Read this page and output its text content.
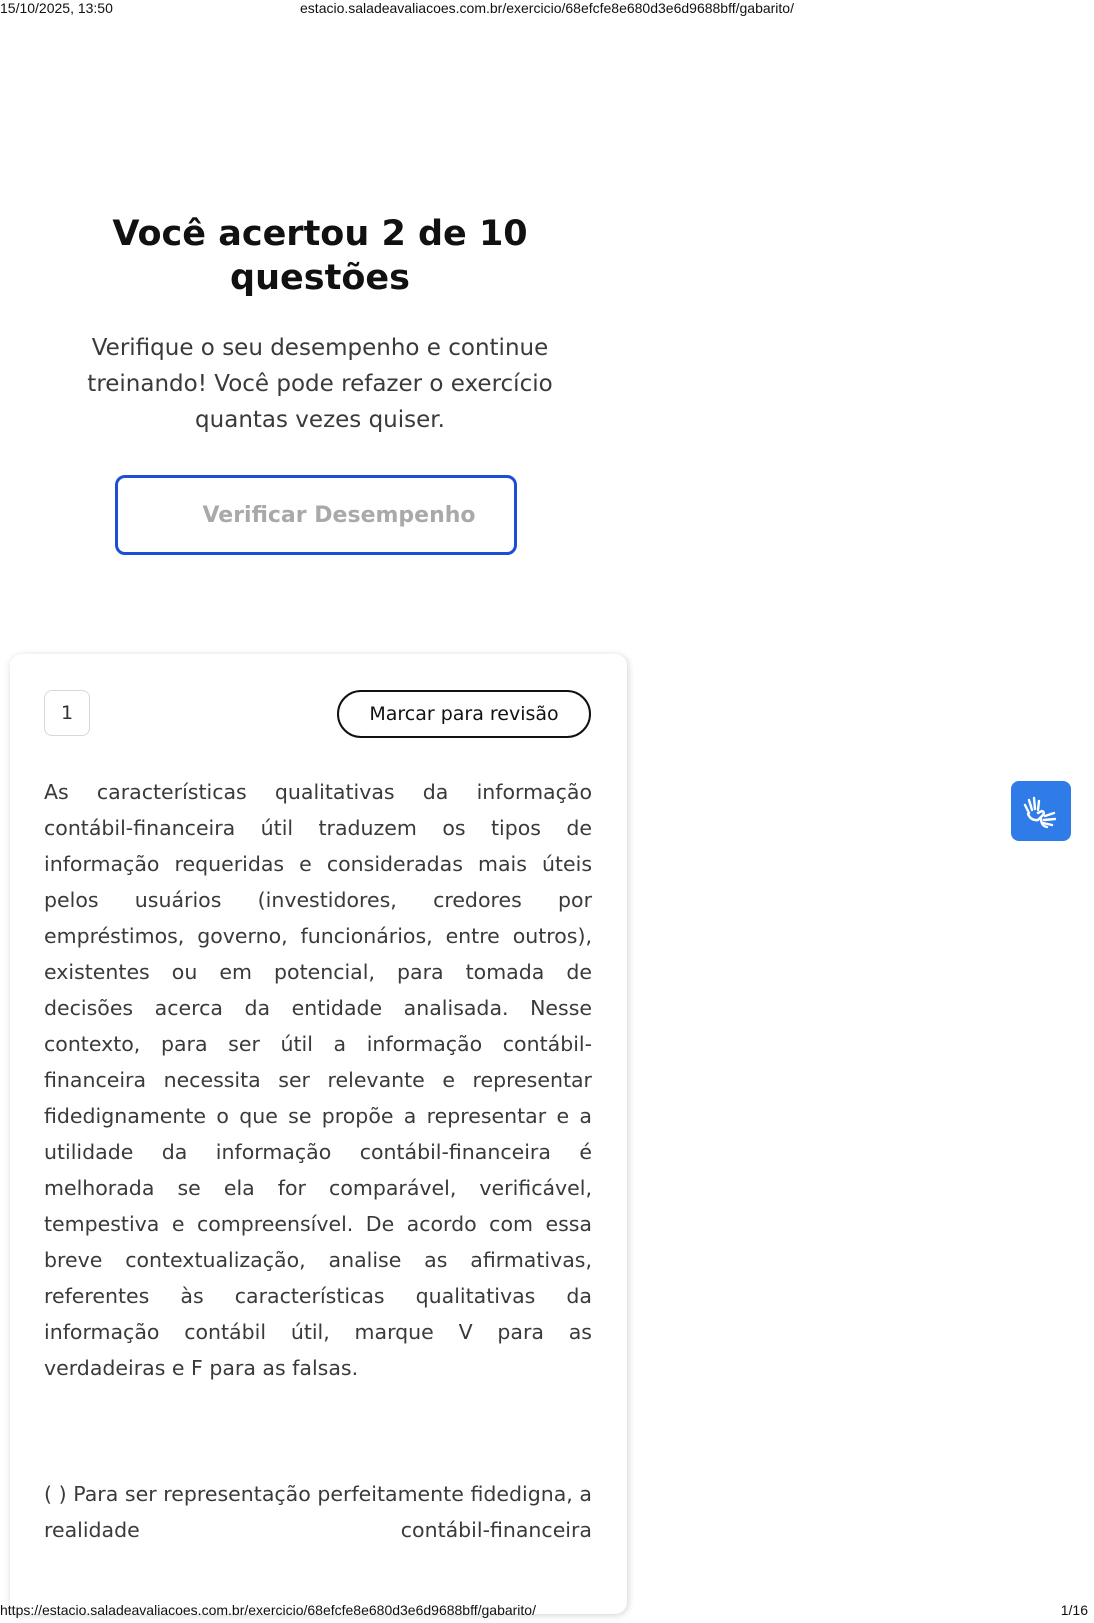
15/10/2025, 13:50	estacio.saladeavaliacoes.com.br/exercicio/68efcfe8e680d3e6d9688bff/gabarito/
Você acertou 2 de 10 questões

Verifique o seu desempenho e continue treinando! Você pode refazer o exercício quantas vezes quiser.

Verificar Desempenho
1	Marcar para revisão

As características qualitativas da informação contábil-financeira útil traduzem os tipos de informação requeridas e consideradas mais úteis pelos usuários (investidores, credores por empréstimos, governo, funcionários, entre outros), existentes ou em potencial, para tomada de decisões acerca da entidade analisada. Nesse contexto, para ser útil a informação contábil-financeira necessita ser relevante e representar fidedignamente o que se propõe a representar e a utilidade da informação contábil-financeira é melhorada se ela for comparável, verificável, tempestiva e compreensível. De acordo com essa breve contextualização, analise as afirmativas, referentes às características qualitativas da informação contábil útil, marque V para as verdadeiras e F para as falsas.

( ) Para ser representação perfeitamente fidedigna, a realidade contábil-financeira

https://estacio.saladeavaliacoes.com.br/exercicio/68efcfe8e680d3e6d9688bff/gabarito/	1/16
